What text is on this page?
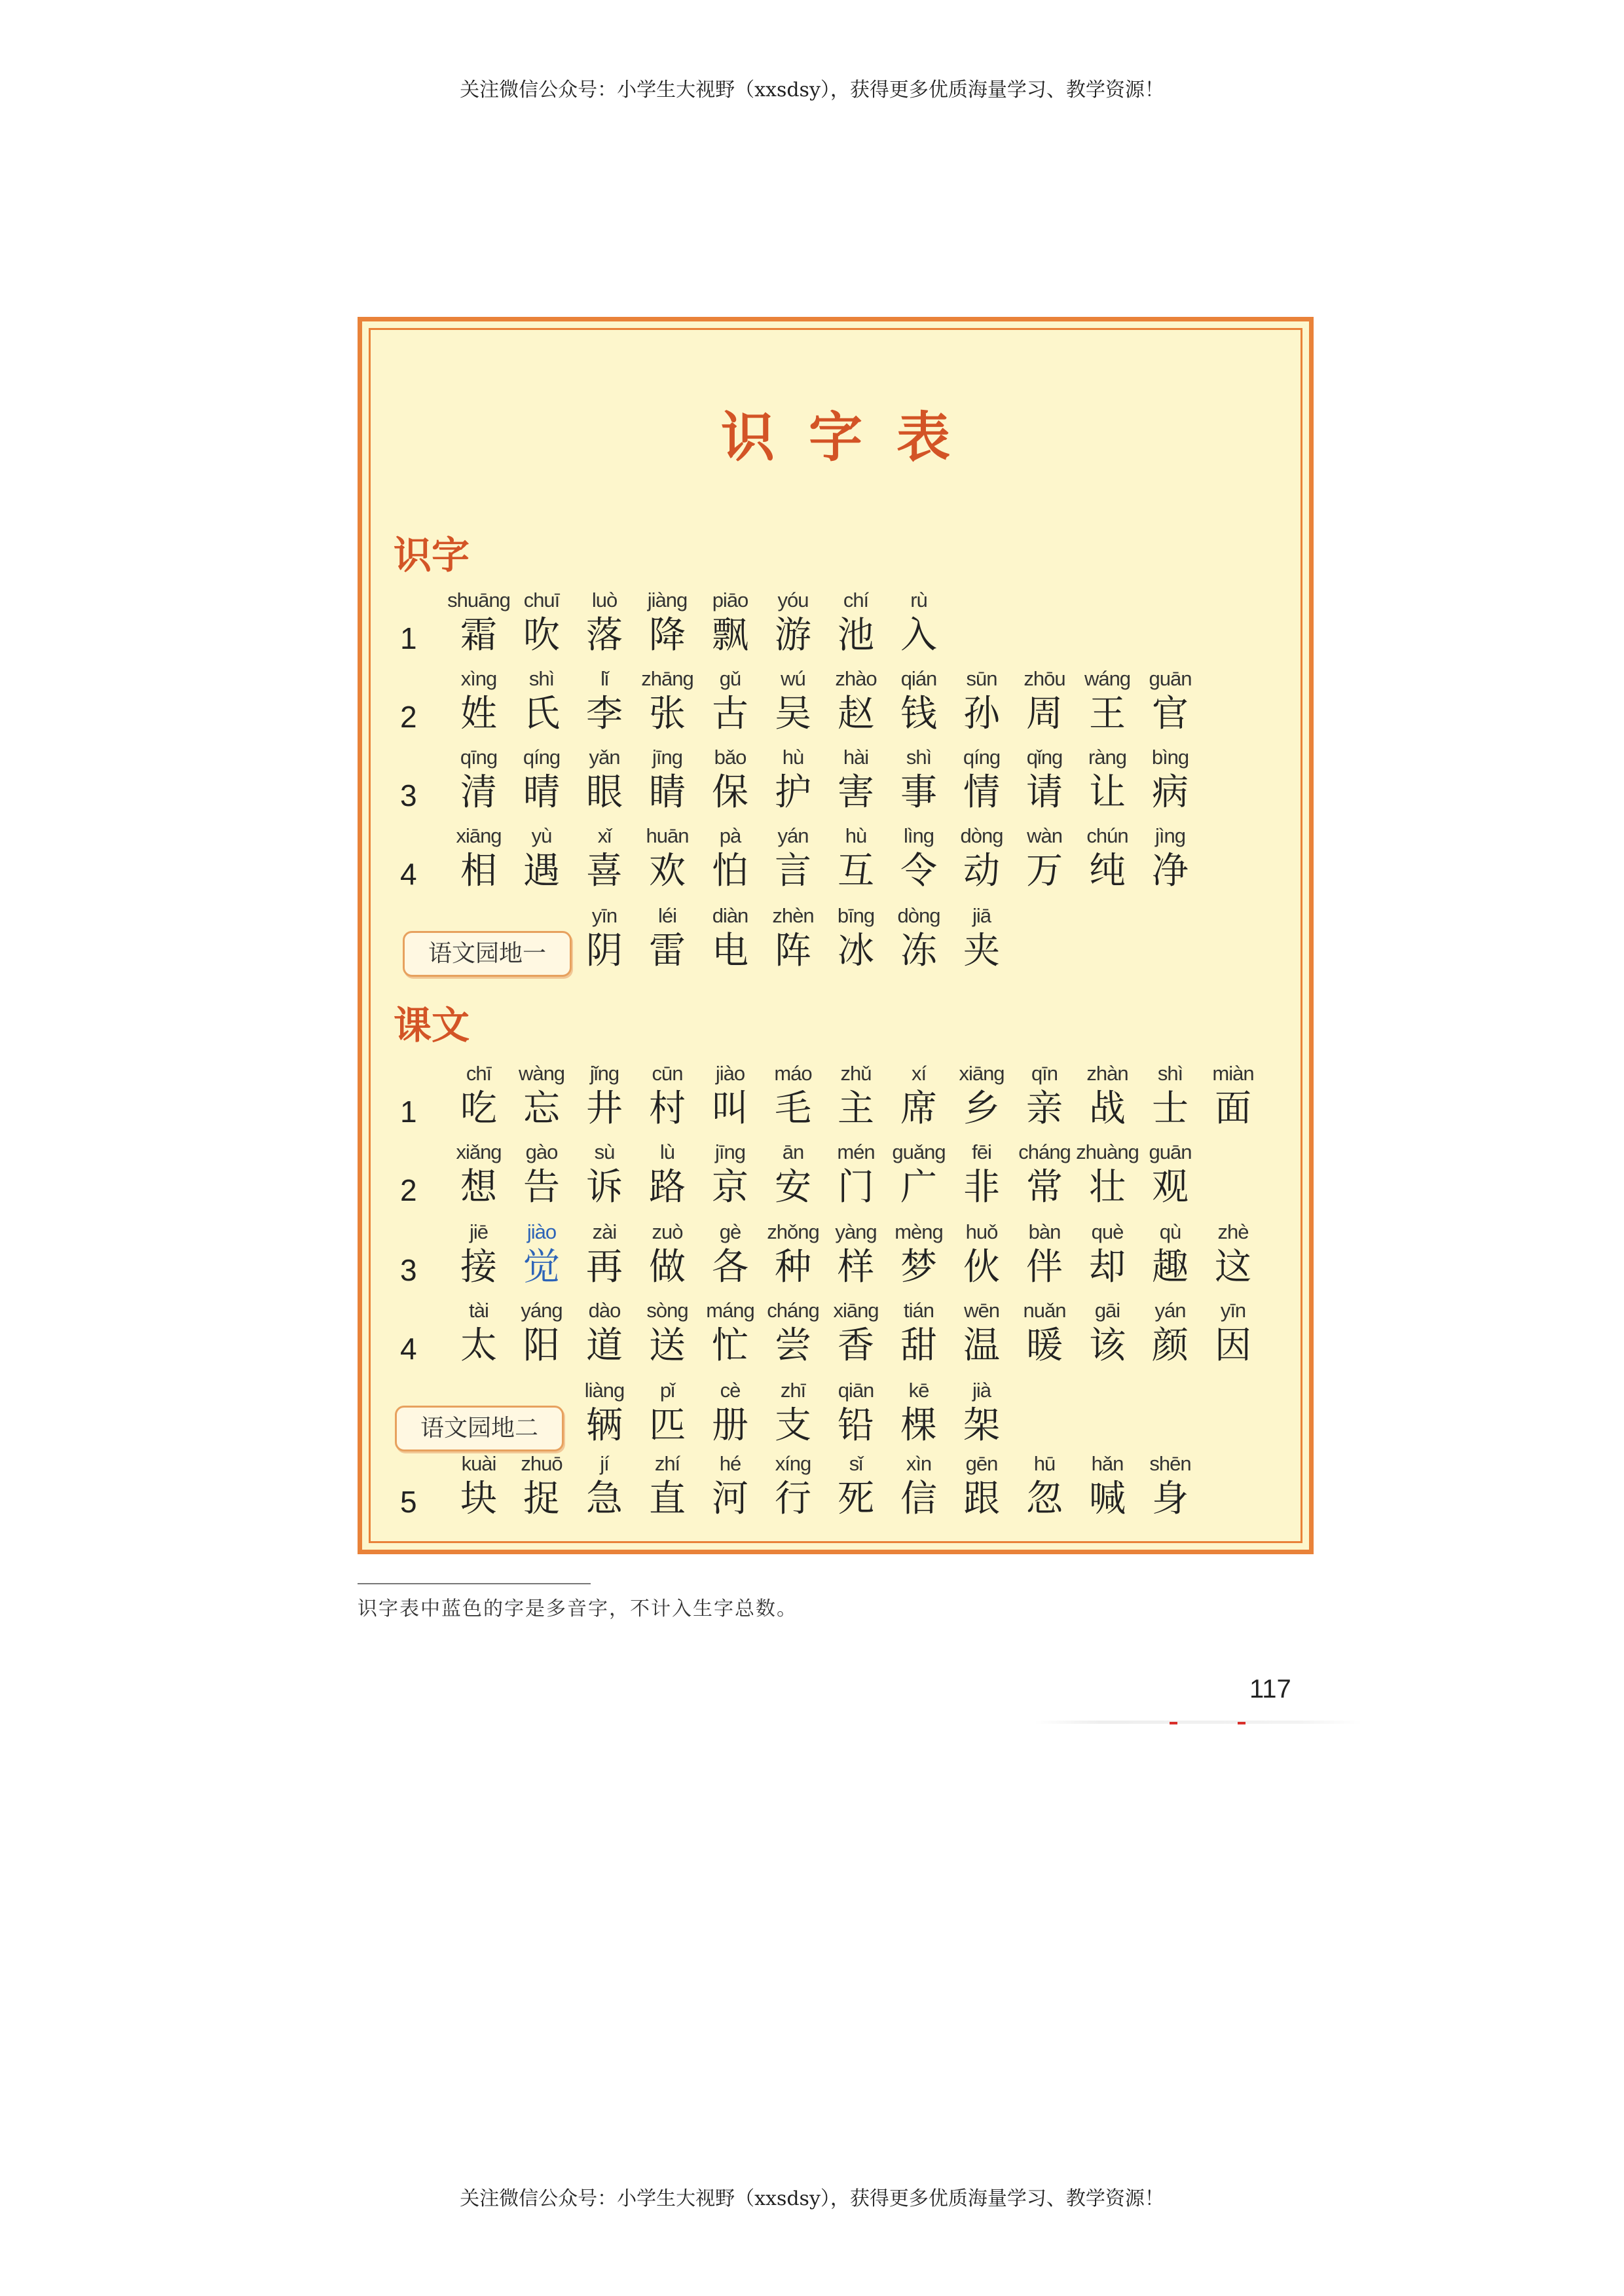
关注微信公众号：小学生大视野（xxsdsy），获得更多优质海量学习、教学资源！
识字表
识字
课文
1
shuāng
霜
chuī
吹
luò
落
jiàng
降
piāo
飘
yóu
游
chí
池
rù
入
2
xìng
姓
shì
氏
lǐ
李
zhāng
张
gǔ
古
wú
吴
zhào
赵
qián
钱
sūn
孙
zhōu
周
wáng
王
guān
官
3
qīng
清
qíng
晴
yǎn
眼
jīng
睛
bǎo
保
hù
护
hài
害
shì
事
qíng
情
qǐng
请
ràng
让
bìng
病
4
xiāng
相
yù
遇
xǐ
喜
huān
欢
pà
怕
yán
言
hù
互
lìng
令
dòng
动
wàn
万
chún
纯
jìng
净
语文园地一
yīn
阴
léi
雷
diàn
电
zhèn
阵
bīng
冰
dòng
冻
jiā
夹
1
chī
吃
wàng
忘
jǐng
井
cūn
村
jiào
叫
máo
毛
zhǔ
主
xí
席
xiāng
乡
qīn
亲
zhàn
战
shì
士
miàn
面
2
xiǎng
想
gào
告
sù
诉
lù
路
jīng
京
ān
安
mén
门
guǎng
广
fēi
非
cháng
常
zhuàng
壮
guān
观
3
jiē
接
jiào
觉
zài
再
zuò
做
gè
各
zhǒng
种
yàng
样
mèng
梦
huǒ
伙
bàn
伴
què
却
qù
趣
zhè
这
4
tài
太
yáng
阳
dào
道
sòng
送
máng
忙
cháng
尝
xiāng
香
tián
甜
wēn
温
nuǎn
暖
gāi
该
yán
颜
yīn
因
语文园地二
liàng
辆
pǐ
匹
cè
册
zhī
支
qiān
铅
kē
棵
jià
架
5
kuài
块
zhuō
捉
jí
急
zhí
直
hé
河
xíng
行
sǐ
死
xìn
信
gēn
跟
hū
忽
hǎn
喊
shēn
身
识字表中蓝色的字是多音字，不计入生字总数。
117
关注微信公众号：小学生大视野（xxsdsy），获得更多优质海量学习、教学资源！
